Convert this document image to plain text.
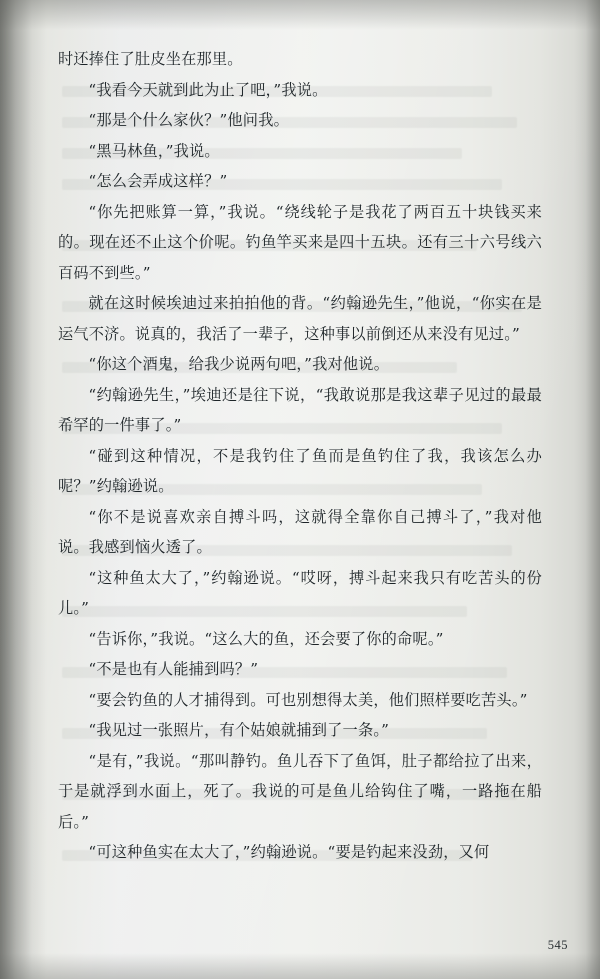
时还捧住了肚皮坐在那里。

“我看今天就到此为止了吧，”我说。

“那是个什么家伙？”他问我。

“黑马林鱼，”我说。

“怎么会弄成这样？”

“你先把账算一算，”我说。“绕线轮子是我花了两百五十块钱买来的。现在还不止这个价呢。钓鱼竿买来是四十五块。还有三十六号线六百码不到些。”

就在这时候埃迪过来拍拍他的背。“约翰逊先生，”他说，“你实在是运气不济。说真的，我活了一辈子，这种事以前倒还从来没有见过。”

“你这个酒鬼，给我少说两句吧，”我对他说。

“约翰逊先生，”埃迪还是往下说，“我敢说那是我这辈子见过的最最希罕的一件事了。”

“碰到这种情况，不是我钓住了鱼而是鱼钓住了我，我该怎么办呢？”约翰逊说。

“你不是说喜欢亲自搏斗吗，这就得全靠你自己搏斗了，”我对他说。我感到恼火透了。

“这种鱼太大了，”约翰逊说。“哎呀，搏斗起来我只有吃苦头的份儿。”

“告诉你，”我说。“这么大的鱼，还会要了你的命呢。”

“不是也有人能捕到吗？”

“要会钓鱼的人才捕得到。可也别想得太美，他们照样要吃苦头。”

“我见过一张照片，有个姑娘就捕到了一条。”

“是有，”我说。“那叫静钓。鱼儿吞下了鱼饵，肚子都给拉了出来，于是就浮到水面上，死了。我说的可是鱼儿给钩住了嘴，一路拖在船后。”

“可这种鱼实在太大了，”约翰逊说。“要是钓起来没劲，又何

545
